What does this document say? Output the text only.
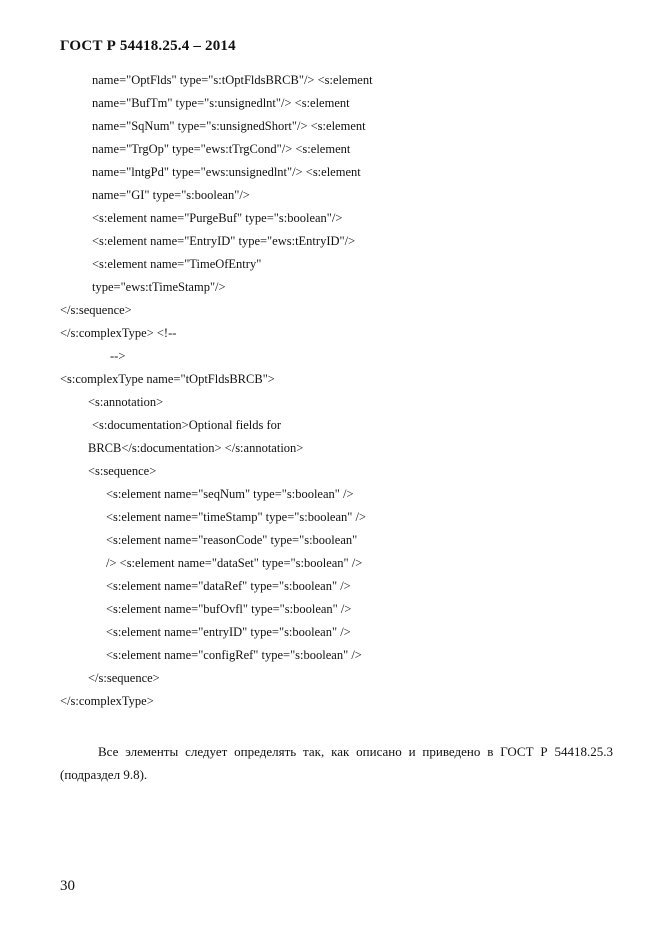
ГОСТ Р 54418.25.4 – 2014
name="OptFlds" type="s:tOptFldsBRCB"/> <s:element
name="BufTm" type="s:unsignedlnt"/> <s:element
name="SqNum" type="s:unsignedShort"/> <s:element
name="TrgOp" type="ews:tTrgCond"/> <s:element
name="lntgPd" type="ews:unsignedlnt"/> <s:element
name="GI" type="s:boolean"/>
<s:element name="PurgeBuf" type="s:boolean"/>
<s:element name="EntryID" type="ews:tEntryID"/>
<s:element name="TimeOfEntry"
type="ews:tTimeStamp"/>
</s:sequence>
</s:complexType> <!--
-->
<s:complexType name="tOptFldsBRCB">
<s:annotation>
<s:documentation>Optional fields for
BRCB</s:documentation> </s:annotation>
<s:sequence>
<s:element name="seqNum" type="s:boolean" />
<s:element name="timeStamp" type="s:boolean" />
<s:element name="reasonCode" type="s:boolean"
/> <s:element name="dataSet" type="s:boolean" />
<s:element name="dataRef" type="s:boolean" />
<s:element name="bufOvfl" type="s:boolean" />
<s:element name="entryID" type="s:boolean" />
<s:element name="configRef" type="s:boolean" />
</s:sequence>
</s:complexType>
Все элементы следует определять так, как описано и приведено в ГОСТ Р 54418.25.3 (подраздел 9.8).
30
